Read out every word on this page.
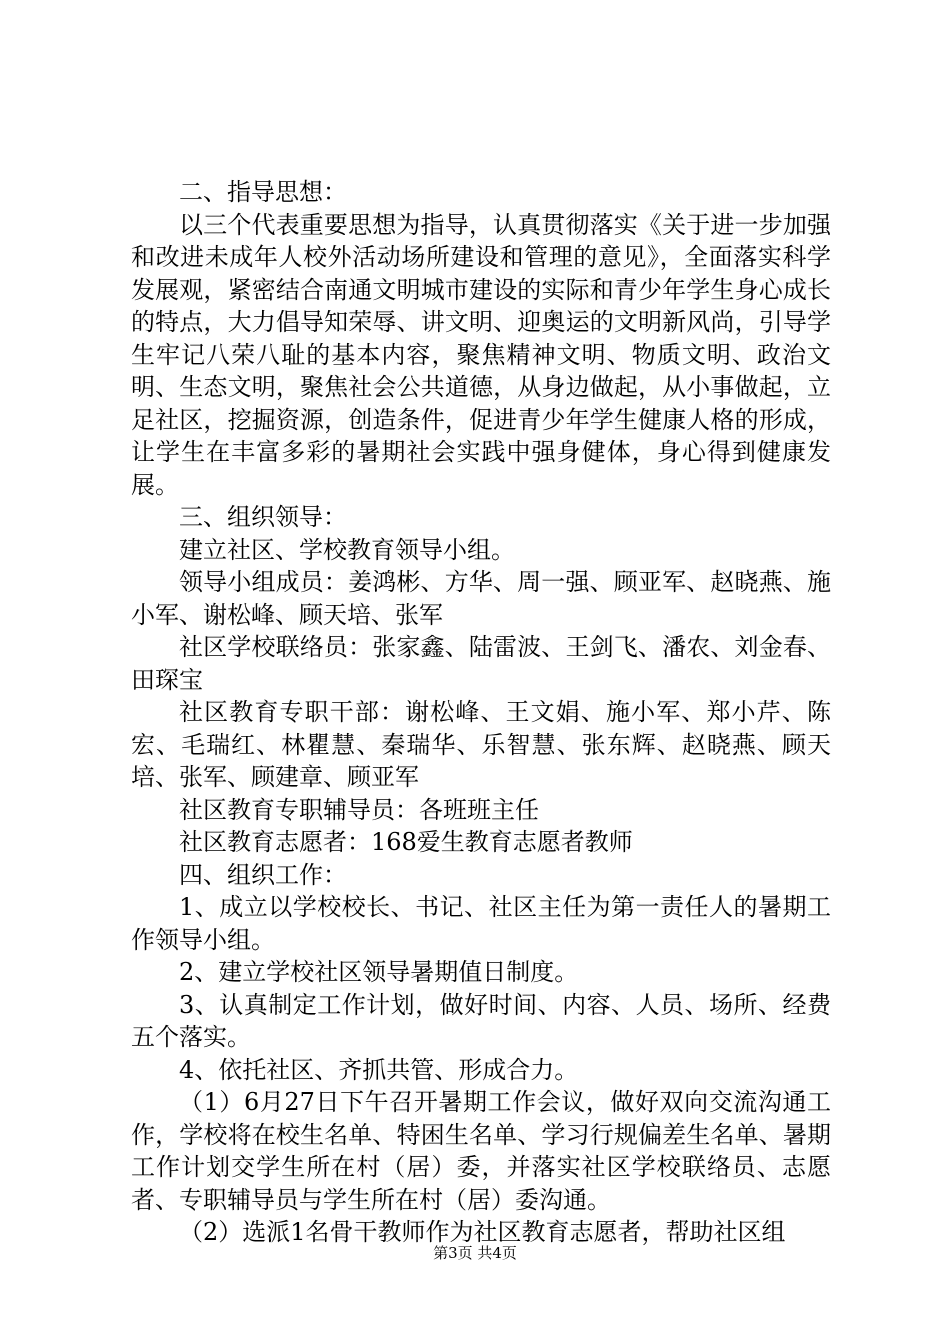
二、指导思想：

以三个代表重要思想为指导，认真贯彻落实《关于进一步加强和改进未成年人校外活动场所建设和管理的意见》，全面落实科学发展观，紧密结合南通文明城市建设的实际和青少年学生身心成长的特点，大力倡导知荣辱、讲文明、迎奥运的文明新风尚，引导学生牢记八荣八耻的基本内容，聚焦精神文明、物质文明、政治文明、生态文明，聚焦社会公共道德，从身边做起，从小事做起，立足社区，挖掘资源，创造条件，促进青少年学生健康人格的形成，让学生在丰富多彩的暑期社会实践中强身健体，身心得到健康发展。

三、组织领导：

建立社区、学校教育领导小组。

领导小组成员：姜鸿彬、方华、周一强、顾亚军、赵晓燕、施小军、谢松峰、顾天培、张军

社区学校联络员：张家鑫、陆雷波、王剑飞、潘农、刘金春、田琛宝

社区教育专职干部：谢松峰、王文娟、施小军、郑小芹、陈宏、毛瑞红、林瞿慧、秦瑞华、乐智慧、张东辉、赵晓燕、顾天培、张军、顾建章、顾亚军

社区教育专职辅导员：各班班主任

社区教育志愿者：168爱生教育志愿者教师

四、组织工作：

1、成立以学校校长、书记、社区主任为第一责任人的暑期工作领导小组。

2、建立学校社区领导暑期值日制度。

3、认真制定工作计划，做好时间、内容、人员、场所、经费五个落实。

4、依托社区、齐抓共管、形成合力。

（1）6月27日下午召开暑期工作会议，做好双向交流沟通工作，学校将在校生名单、特困生名单、学习行规偏差生名单、暑期工作计划交学生所在村（居）委，并落实社区学校联络员、志愿者、专职辅导员与学生所在村（居）委沟通。

（2）选派1名骨干教师作为社区教育志愿者，帮助社区组

第3页 共4页
